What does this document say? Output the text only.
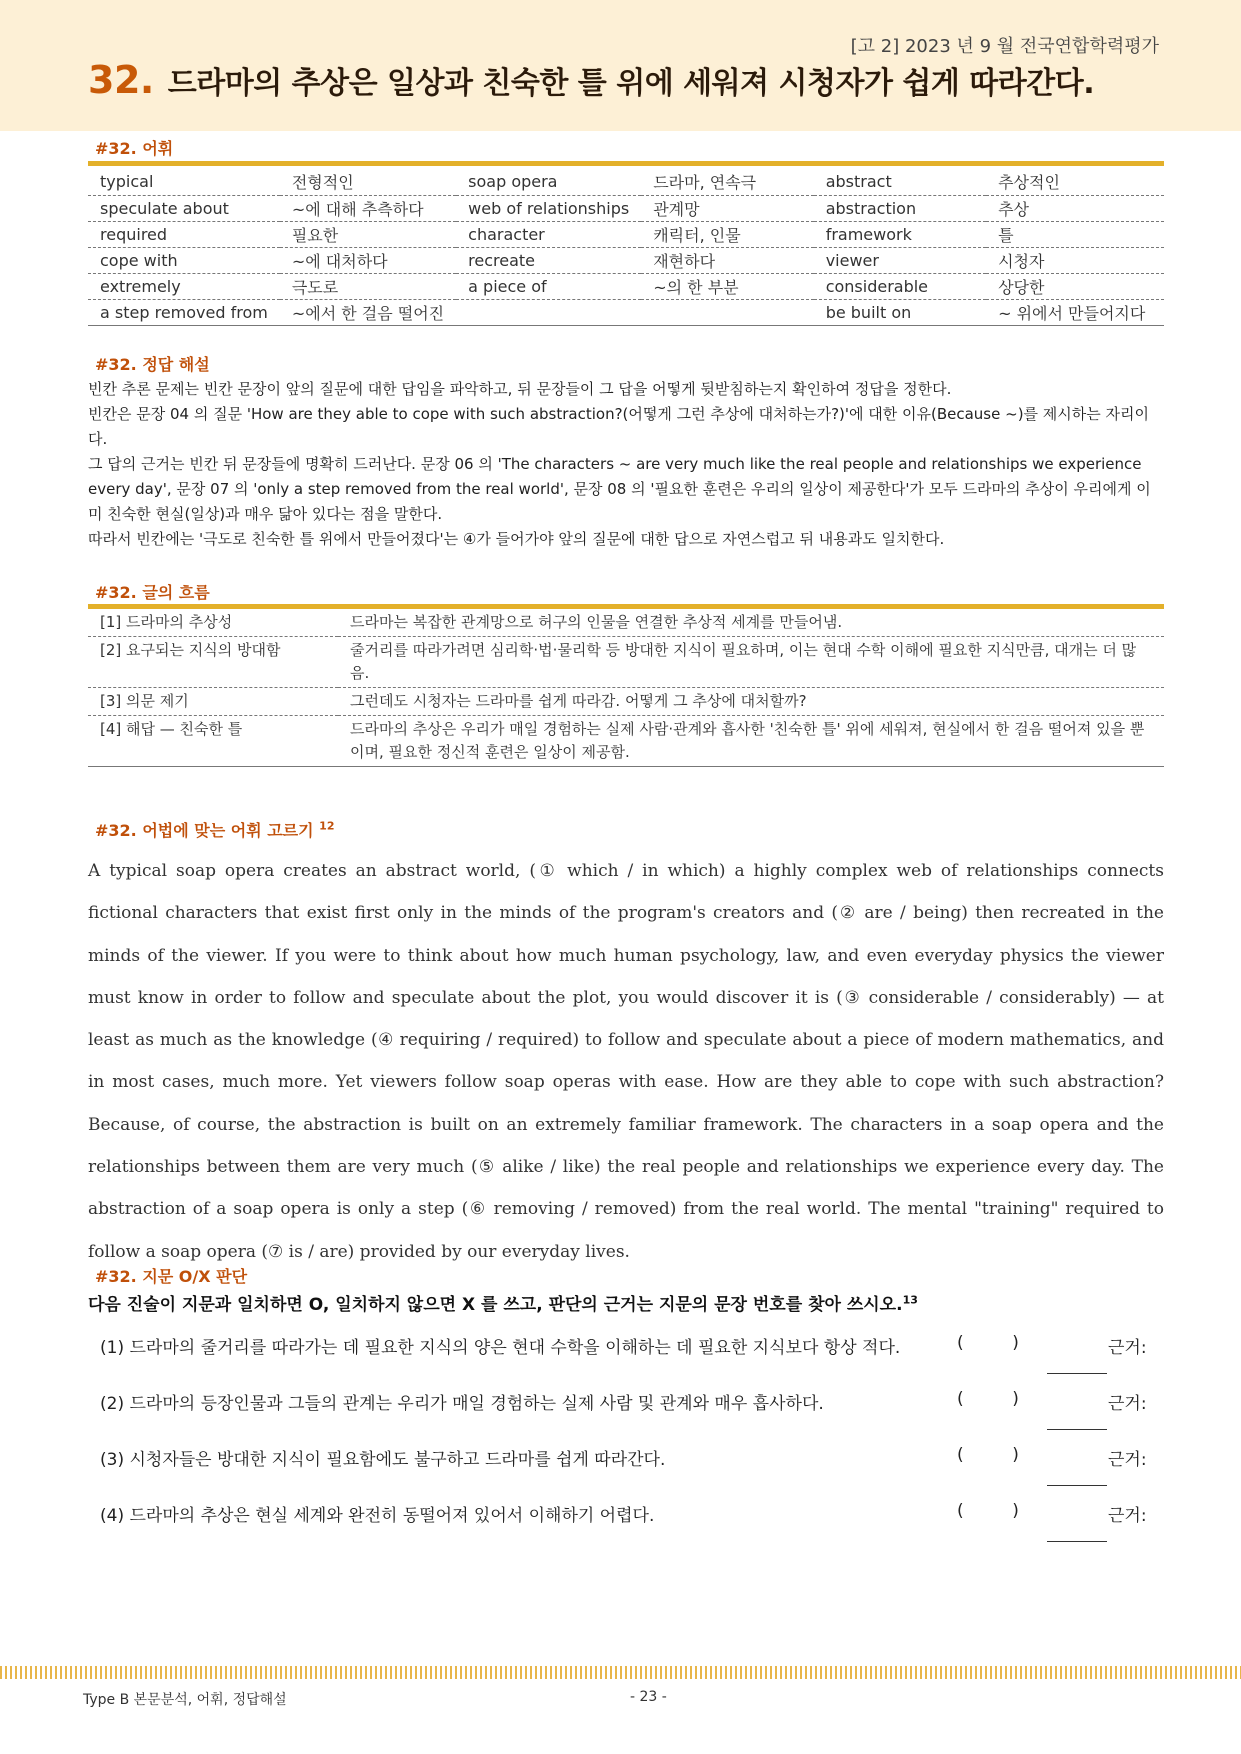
[고 2] 2023 년 9 월 전국연합학력평가
32. 드라마의 추상은 일상과 친숙한 틀 위에 세워져 시청자가 쉽게 따라간다.
#32. 어휘
typical	전형적인	soap opera	드라마, 연속극	abstract	추상적인
speculate about	~에 대해 추측하다	web of relationships	관계망	abstraction	추상
required	필요한	character	캐릭터, 인물	framework	틀
cope with	~에 대처하다	recreate	재현하다	viewer	시청자
extremely	극도로	a piece of	~의 한 부분	considerable	상당한
a step removed from	~에서 한 걸음 떨어진			be built on	~ 위에서 만들어지다
#32. 정답 해설

빈칸 추론 문제는 빈칸 문장이 앞의 질문에 대한 답임을 파악하고, 뒤 문장들이 그 답을 어떻게 뒷받침하는지 확인하여 정답을 정한다.

빈칸은 문장 04 의 질문 'How are they able to cope with such abstraction?(어떻게 그런 추상에 대처하는가?)'에 대한 이유(Because ~)를 제시하는 자리이다.

그 답의 근거는 빈칸 뒤 문장들에 명확히 드러난다. 문장 06 의 'The characters ~ are very much like the real people and relationships we experience every day', 문장 07 의 'only a step removed from the real world', 문장 08 의 '필요한 훈련은 우리의 일상이 제공한다'가 모두 드라마의 추상이 우리에게 이미 친숙한 현실(일상)과 매우 닮아 있다는 점을 말한다.

따라서 빈칸에는 '극도로 친숙한 틀 위에서 만들어졌다'는 ④가 들어가야 앞의 질문에 대한 답으로 자연스럽고 뒤 내용과도 일치한다.

#32. 글의 흐름
[1] 드라마의 추상성	드라마는 복잡한 관계망으로 허구의 인물을 연결한 추상적 세계를 만들어냄.
[2] 요구되는 지식의 방대함	줄거리를 따라가려면 심리학·법·물리학 등 방대한 지식이 필요하며, 이는 현대 수학 이해에 필요한 지식만큼, 대개는 더 많음.
[3] 의문 제기	그런데도 시청자는 드라마를 쉽게 따라감. 어떻게 그 추상에 대처할까?
[4] 해답 — 친숙한 틀	드라마의 추상은 우리가 매일 경험하는 실제 사람·관계와 흡사한 '친숙한 틀' 위에 세워져, 현실에서 한 걸음 떨어져 있을 뿐이며, 필요한 정신적 훈련은 일상이 제공함.
#32. 어법에 맞는 어휘 고르기 $^{12}$
A typical soap opera creates an abstract world, (① which / in which) a highly complex web of relationships connects fictional characters that exist first only in the minds of the program's creators and (② are / being) then recreated in the minds of the viewer. If you were to think about how much human psychology, law, and even everyday physics the viewer must know in order to follow and speculate about the plot, you would discover it is (③ considerable / considerably) — at least as much as the knowledge (④ requiring / required) to follow and speculate about a piece of modern mathematics, and in most cases, much more. Yet viewers follow soap operas with ease. How are they able to cope with such abstraction? Because, of course, the abstraction is built on an extremely familiar framework. The characters in a soap opera and the relationships between them are very much (⑤ alike / like) the real people and relationships we experience every day. The abstraction of a soap opera is only a step (⑥ removing / removed) from the real world. The mental "training" required to follow a soap opera (⑦ is / are) provided by our everyday lives.
#32. 지문 O/X 판단
다음 진술이 지문과 일치하면 O, 일치하지 않으면 X 를 쓰고, 판단의 근거는 지문의 문장 번호를 찾아 쓰시오.$^{13}$
(1) 드라마의 줄거리를 따라가는 데 필요한 지식의 양은 현대 수학을 이해하는 데 필요한 지식보다 항상 적다.	(         )	근거:
(2) 드라마의 등장인물과 그들의 관계는 우리가 매일 경험하는 실제 사람 및 관계와 매우 흡사하다.	(         )	근거:
(3) 시청자들은 방대한 지식이 필요함에도 불구하고 드라마를 쉽게 따라간다.	(         )	근거:
(4) 드라마의 추상은 현실 세계와 완전히 동떨어져 있어서 이해하기 어렵다.	(         )	근거:
Type B 본문분석, 어휘, 정답해설	- 23 -
